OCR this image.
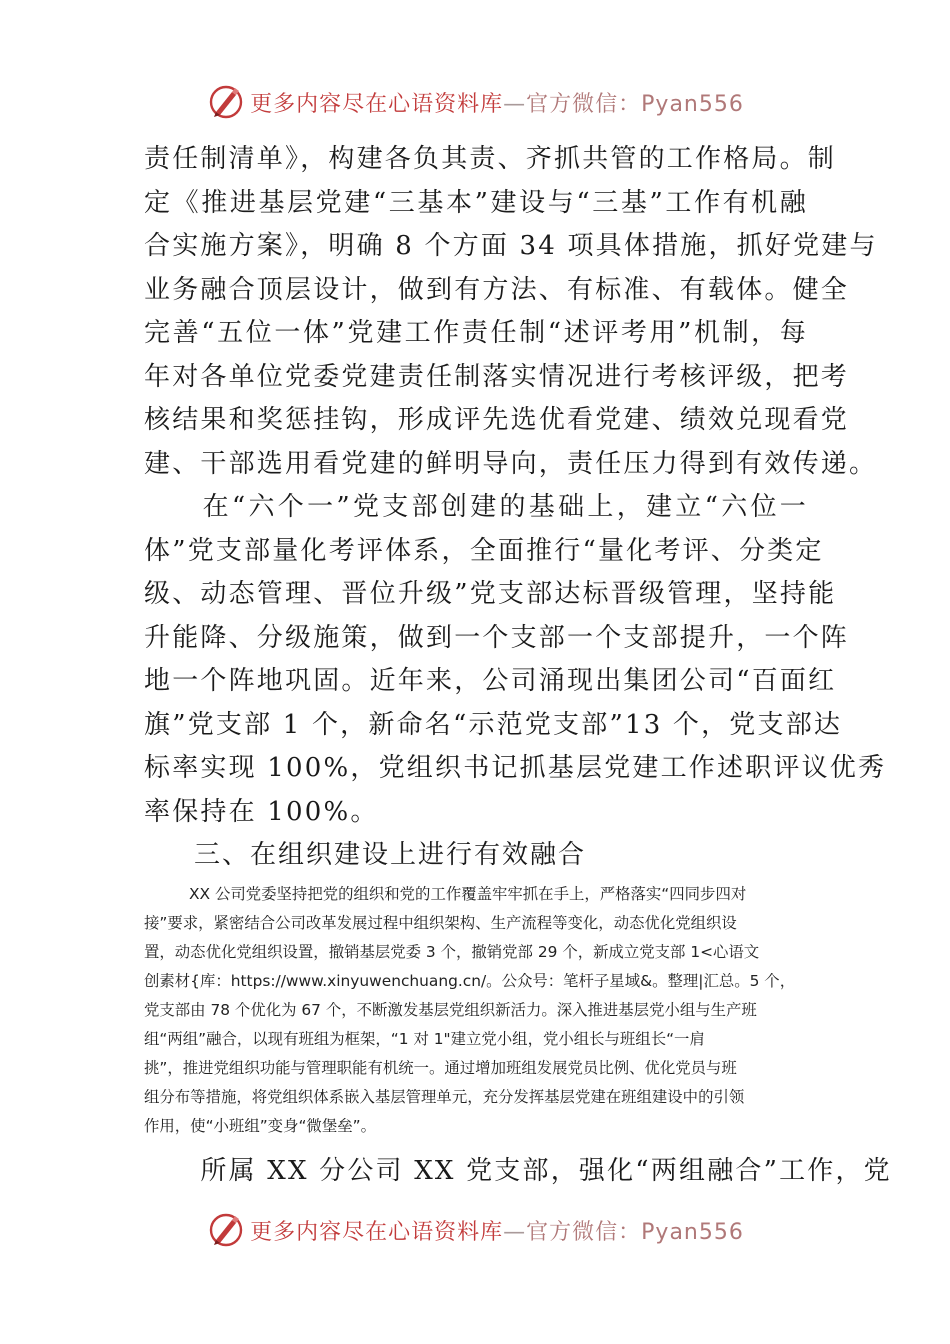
更多内容尽在心语资料库—官方微信：Pyan556
责任制清单》，构建各负其责、齐抓共管的工作格局。制
定《推进基层党建“三基本”建设与“三基”工作有机融
合实施方案》，明确 8 个方面 34 项具体措施，抓好党建与
业务融合顶层设计，做到有方法、有标准、有载体。健全
完善“五位一体”党建工作责任制“述评考用”机制，每
年对各单位党委党建责任制落实情况进行考核评级，把考
核结果和奖惩挂钩，形成评先选优看党建、绩效兑现看党
建、干部选用看党建的鲜明导向，责任压力得到有效传递。
　　在“六个一”党支部创建的基础上，建立“六位一
体”党支部量化考评体系，全面推行“量化考评、分类定
级、动态管理、晋位升级”党支部达标晋级管理，坚持能
升能降、分级施策，做到一个支部一个支部提升，一个阵
地一个阵地巩固。近年来，公司涌现出集团公司“百面红
旗”党支部 1 个，新命名“示范党支部”13 个，党支部达
标率实现 100%，党组织书记抓基层党建工作述职评议优秀
率保持在 100%。
三、在组织建设上进行有效融合
XX 公司党委坚持把党的组织和党的工作覆盖牢牢抓在手上，严格落实“四同步四对
接”要求，紧密结合公司改革发展过程中组织架构、生产流程等变化，动态优化党组织设
置，动态优化党组织设置，撤销基层党委 3 个，撤销党部 29 个，新成立党支部 1<心语文
创素材{库：https://www.xinyuwenchuang.cn/。公众号：笔杆子星域&。整理|汇总。5 个，
党支部由 78 个优化为 67 个，不断激发基层党组织新活力。深入推进基层党小组与生产班
组“两组”融合，以现有班组为框架，“1 对 1"建立党小组，党小组长与班组长“一肩
挑”，推进党组织功能与管理职能有机统一。通过增加班组发展党员比例、优化党员与班
组分布等措施，将党组织体系嵌入基层管理单元，充分发挥基层党建在班组建设中的引领
作用，使“小班组”变身“微堡垒”。
　　所属 XX 分公司 XX 党支部，强化“两组融合”工作，党
更多内容尽在心语资料库—官方微信：Pyan556
